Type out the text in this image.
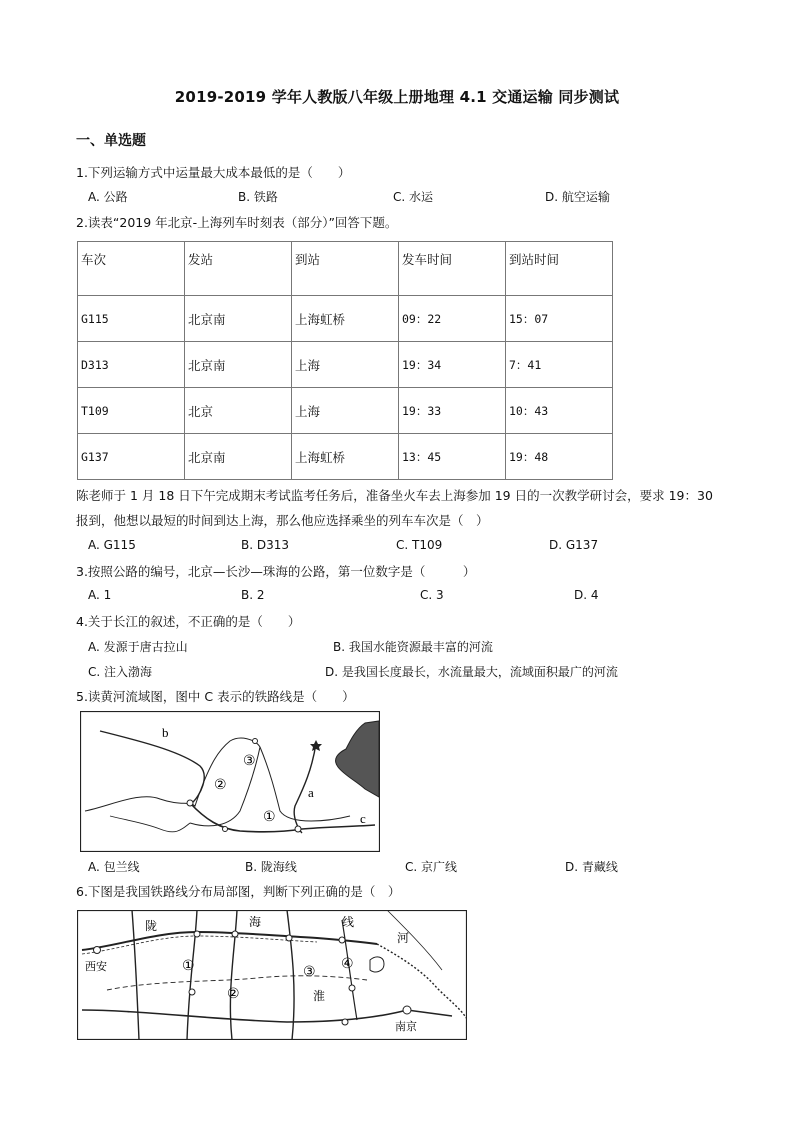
2019-2019 学年人教版八年级上册地理 4.1 交通运输 同步测试
一、单选题
1.下列运输方式中运量最大成本最低的是（　　）
A. 公路	B. 铁路	C. 水运	D. 航空运输
2.读表“2019 年北京-上海列车时刻表（部分）”回答下题。
车次	发站	到站	发车时间	到站时间
G115	北京南	上海虹桥	09：22	15：07
D313	北京南	上海	19：34	7：41
T109	北京	上海	19：33	10：43
G137	北京南	上海虹桥	13：45	19：48
陈老师于 1 月 18 日下午完成期末考试监考任务后，准备坐火车去上海参加 19 日的一次教学研讨会，要求 19：30 报到，他想以最短的时间到达上海，那么他应选择乘坐的列车车次是（　）
A. G115	B. D313	C. T109	D. G137
3.按照公路的编号，北京—长沙—珠海的公路，第一位数字是（　　　）
A. 1	B. 2	C. 3	D. 4
4.关于长江的叙述，不正确的是（　　）
A. 发源于唐古拉山	B. 我国水能资源最丰富的河流
C. 注入渤海	D. 是我国长度最长，水流量最大，流域面积最广的河流
5.读黄河流域图，图中 C 表示的铁路线是（　　）
b
a
c
①
②
③
A. 包兰线	B. 陇海线	C. 京广线	D. 青藏线
6.下图是我国铁路线分布局部图，判断下列正确的是（　）
陇	海	线
河
西安	①
②
③ ④
淮
南京
